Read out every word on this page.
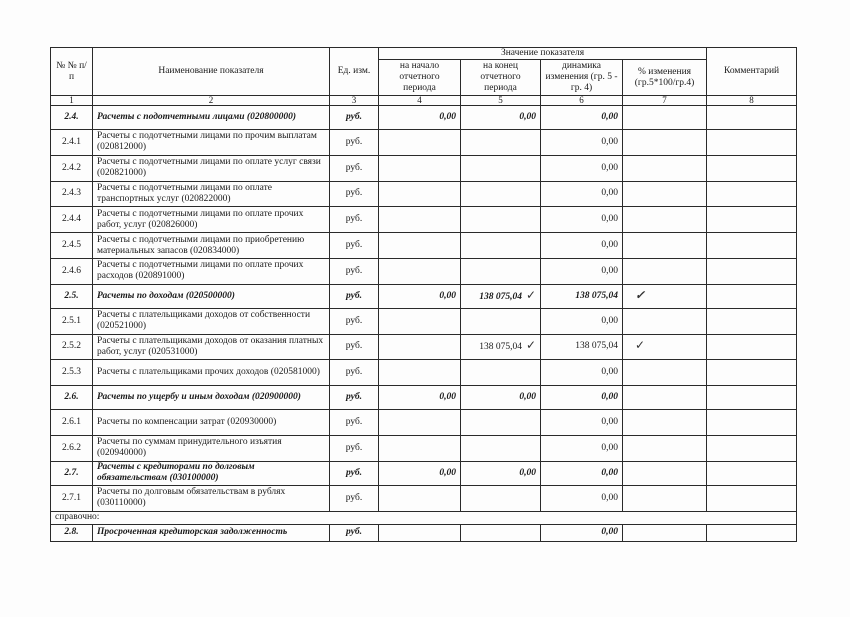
№ № п/п	Наименование показателя	Ед. изм.	Значение показателя				Комментарий
			на начало отчетного периода	на конец отчетного периода	динамика изменения (гр. 5 - гр. 4)	% изменения (гр.5*100/гр.4)	
1	2	3	4	5	6	7	8
2.4.	Расчеты с подотчетными лицами (020800000)	руб.	0,00	0,00	0,00		
2.4.1	Расчеты с подотчетными лицами по прочим выплатам (020812000)	руб.			0,00		
2.4.2	Расчеты с подотчетными лицами по оплате услуг связи (020821000)	руб.			0,00		
2.4.3	Расчеты с подотчетными лицами по оплате транспортных услуг (020822000)	руб.			0,00		
2.4.4	Расчеты с подотчетными лицами по оплате прочих работ, услуг (020826000)	руб.			0,00		
2.4.5	Расчеты с подотчетными лицами по приобретению материальных запасов (020834000)	руб.			0,00		
2.4.6	Расчеты с подотчетными лицами по оплате прочих расходов (020891000)	руб.			0,00		
2.5.	Расчеты по доходам (020500000)	руб.	0,00	138 075,04 ✓	138 075,04	✓	
2.5.1	Расчеты с плательщиками доходов от собственности (020521000)	руб.			0,00		
2.5.2	Расчеты с плательщиками доходов от оказания платных работ, услуг (020531000)	руб.		138 075,04 ✓	138 075,04	✓	
2.5.3	Расчеты с плательщиками прочих доходов (020581000)	руб.			0,00		
2.6.	Расчеты по ущербу и иным доходам (020900000)	руб.	0,00	0,00	0,00		
2.6.1	Расчеты по компенсации затрат (020930000)	руб.			0,00		
2.6.2	Расчеты по суммам принудительного изъятия (020940000)	руб.			0,00		
2.7.	Расчеты с кредиторами по долговым обязательствам (030100000)	руб.	0,00	0,00	0,00		
2.7.1	Расчеты по долговым обязательствам в рублях (030110000)	руб.			0,00		
справочно:							
2.8.	Просроченная кредиторская задолженность	руб.			0,00		
